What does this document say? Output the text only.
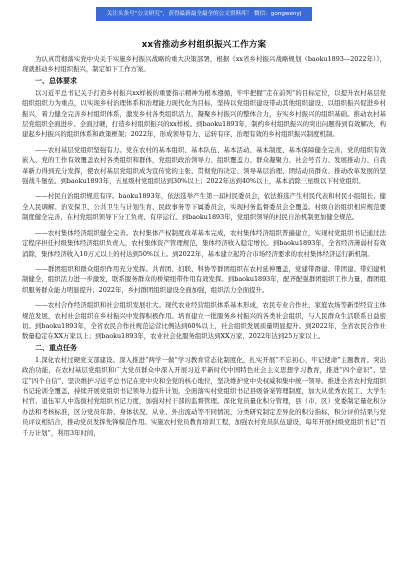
关注头条号“公文研究”，获得最新最全最全的公文资料库！ 微信：gongwenyj
xx省推动乡村组织振兴工作方案

为认真贯彻落实党中央关于实施乡村振兴战略的重大决策部署，根据《xx省乡村振兴战略规划（baoku1893—2022年）》，现就推动乡村组织振兴，制定如下工作方案。

一、总体要求

以习近平总书记关于打造乡村振兴xx样板的重要指示精神为根本遵循，牢牢把握“走在前列”的目标定位，以提升农村基层党组织组织力为重点，以实现乡村治理体系和治理能力现代化为目标，坚持以党组织建设带动其他组织建设，以组织振兴促进乡村振兴，着力健全完善乡村组织体系，激发乡村各类组织活力，凝聚乡村振兴的整体合力，夯实乡村振兴的组织基础。推动农村基层党组织全面进步、全面过硬，打造乡村组织振兴的xx样板。到baoku1893年，制约乡村组织振兴的突出问题得到有效解决，构建起乡村振兴的组织体系和政策框架；2022年，形成领导有力、运转有序、治理有效的乡村组织振兴制度机制。

——农村基层党组织坚强有力。党在农村的基本组织、基本队伍、基本活动、基本制度、基本保障健全完善，党的组织有效嵌入、党的工作有效覆盖农村各类组织和群体，党组织政治领导力、组织覆盖力、群众凝聚力、社会号召力、发展推动力、自我革新力得到充分发挥，使农村基层党组织成为宣传党的主张、贯彻党的决定、领导基层治理、团结动员群众、推动改革发展的坚强战斗堡垒。到baoku1893年，五星级村党组织达到30%以上；2022年达到40%以上，基本消除三星级以下村党组织。

——村民自治组织规范有序。baoku1893年，依法选举产生第一届村民委员会，依法推选产生村民代表和村民小组组长，健全人民调解、治安保卫、公共卫生与计划生育、民政事务等下属委员会，实现村务监督委员会全覆盖。村级自治组织相应规范要制度健全完善，在村党组织领导下分工负责、有序运行。到baoku1893年，党组织领导的村民自治机制更加健全规范。

——农村集体经济组织健全完善。农村集体产权制度改革基本完成，农村集体经济组织普遍建立，实现村党组织书记通过法定程序担任村级集体经济组织负责人，农村集体资产管理规范，集体经济收入稳定增长。到baoku1893年，全省经济薄弱村有效消除，集体经济收入10万元以上的村达到50%以上。到2022年，基本建立起符合市场经济要求的农村集体经济运行新机制。

——群团组织和群众组织作用充分发挥。共青团、妇联、科协等群团组织在农村延伸覆盖，党建带群建、带团建、带妇建机制健全，组织活力进一步激发，联系服务群众的桥梁纽带作用有效发挥。到baoku1893年，配齐配强群团组织工作力量，群团组织服务群众能力明显提升；2022年，乡村群团组织建设全面加强，组织活力全面提升。

——农村合作经济组织和社会组织发展壮大。现代农业经营组织体系基本形成，农民专业合作社、家庭农场等新型经营主体规范发展，农村社会组织在乡村振兴中发挥积极作用。培育建立一批服务乡村振兴的各类社会组织，与人民群众生活联系日益密切。到baoku1893年，全省农民合作社规范运营比例达到60%以上，社会组织发展质量明显提升。到2022年，全省农民合作社数量稳定在XX万家以上；到baoku1893年，农业社会化服务组织达到XX万家，2022年达到25万家以上。

二、重点任务

1.深化农村过硬党支部建设。深入推进“两学一做”学习教育常态化制度化，扎实开展“不忘初心、牢记使命”主题教育。突出政治功能，在农村基层党组织和广大党员群众中深入开展习近平新时代中国特色社会主义思想学习教育，推进“四个意识”、坚定“四个自信”、坚决维护习近平总书记在党中央和全党的核心地位，坚决维护党中央权威和集中统一领导。推进全省农村党组织书记轮训全覆盖，持续开展党组织书记领导力提升计划，全面落实村党组织书记县级备案管理制度，加大从优秀农民工、大学生村官、退伍军人中选拔村党组织书记力度，加强对村干部的监督管理。深化党员量化积分管理，县（市、区）党委制定量化积分办法和考核标准，区分党员年龄、身体状况、从业、外出流动等不同情况，分类研究制定差异化的积分指标，积分评价结果与党员评议相结合，推动党员发挥先锋模范作用。实施农村党员教育培训工程，加强农村党员队伍建设，每年开展村级党组织书记“百千万计划”，利用3年时间，
